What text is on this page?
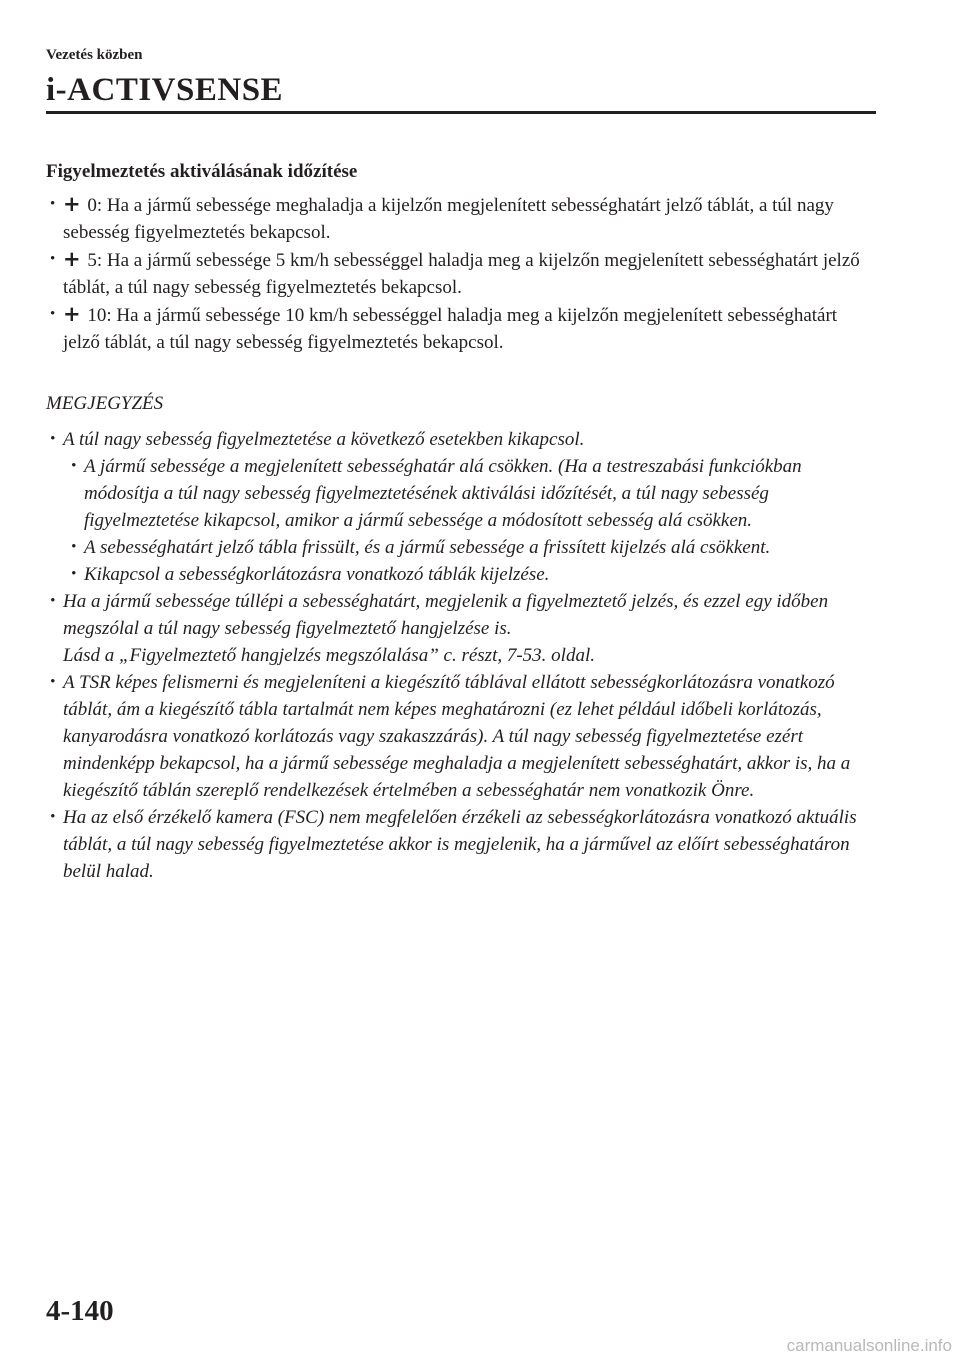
Vezetés közben
i-ACTIVSENSE
Figyelmeztetés aktiválásának időzítése
• + 0: Ha a jármű sebessége meghaladja a kijelzőn megjelenített sebességhatárt jelző táblát, a túl nagy sebesség figyelmeztetés bekapcsol.
• + 5: Ha a jármű sebessége 5 km/h sebességgel haladja meg a kijelzőn megjelenített sebességhatárt jelző táblát, a túl nagy sebesség figyelmeztetés bekapcsol.
• + 10: Ha a jármű sebessége 10 km/h sebességgel haladja meg a kijelzőn megjelenített sebességhatárt jelző táblát, a túl nagy sebesség figyelmeztetés bekapcsol.
MEGJEGYZÉS
• A túl nagy sebesség figyelmeztetése a következő esetekben kikapcsol.
• A jármű sebessége a megjelenített sebességhatár alá csökken. (Ha a testreszabási funkciókban módosítja a túl nagy sebesség figyelmeztetésének aktiválási időzítését, a túl nagy sebesség figyelmeztetése kikapcsol, amikor a jármű sebessége a módosított sebesség alá csökken.
• A sebességhatárt jelző tábla frissült, és a jármű sebessége a frissített kijelzés alá csökkent.
• Kikapcsol a sebességkorlátozásra vonatkozó táblák kijelzése.
• Ha a jármű sebessége túllépi a sebességhatárt, megjelenik a figyelmeztető jelzés, és ezzel egy időben megszólal a túl nagy sebesség figyelmeztető hangjelzése is.
Lásd a „Figyelmeztető hangjelzés megszólalása” c. részt, 7-53. oldal.
• A TSR képes felismerni és megjeleníteni a kiegészítő táblával ellátott sebességkorlátozásra vonatkozó táblát, ám a kiegészítő tábla tartalmát nem képes meghatározni (ez lehet például időbeli korlátozás, kanyarodásra vonatkozó korlátozás vagy szakaszzárás). A túl nagy sebesség figyelmeztetése ezért mindenképp bekapcsol, ha a jármű sebessége meghaladja a megjelenített sebességhatárt, akkor is, ha a kiegészítő táblán szereplő rendelkezések értelmében a sebességhatár nem vonatkozik Önre.
• Ha az első érzékelő kamera (FSC) nem megfelelően érzékeli az sebességkorlátozásra vonatkozó aktuális táblát, a túl nagy sebesség figyelmeztetése akkor is megjelenik, ha a járművel az előírt sebességhatáron belül halad.
4-140
carmanualsonline.info
